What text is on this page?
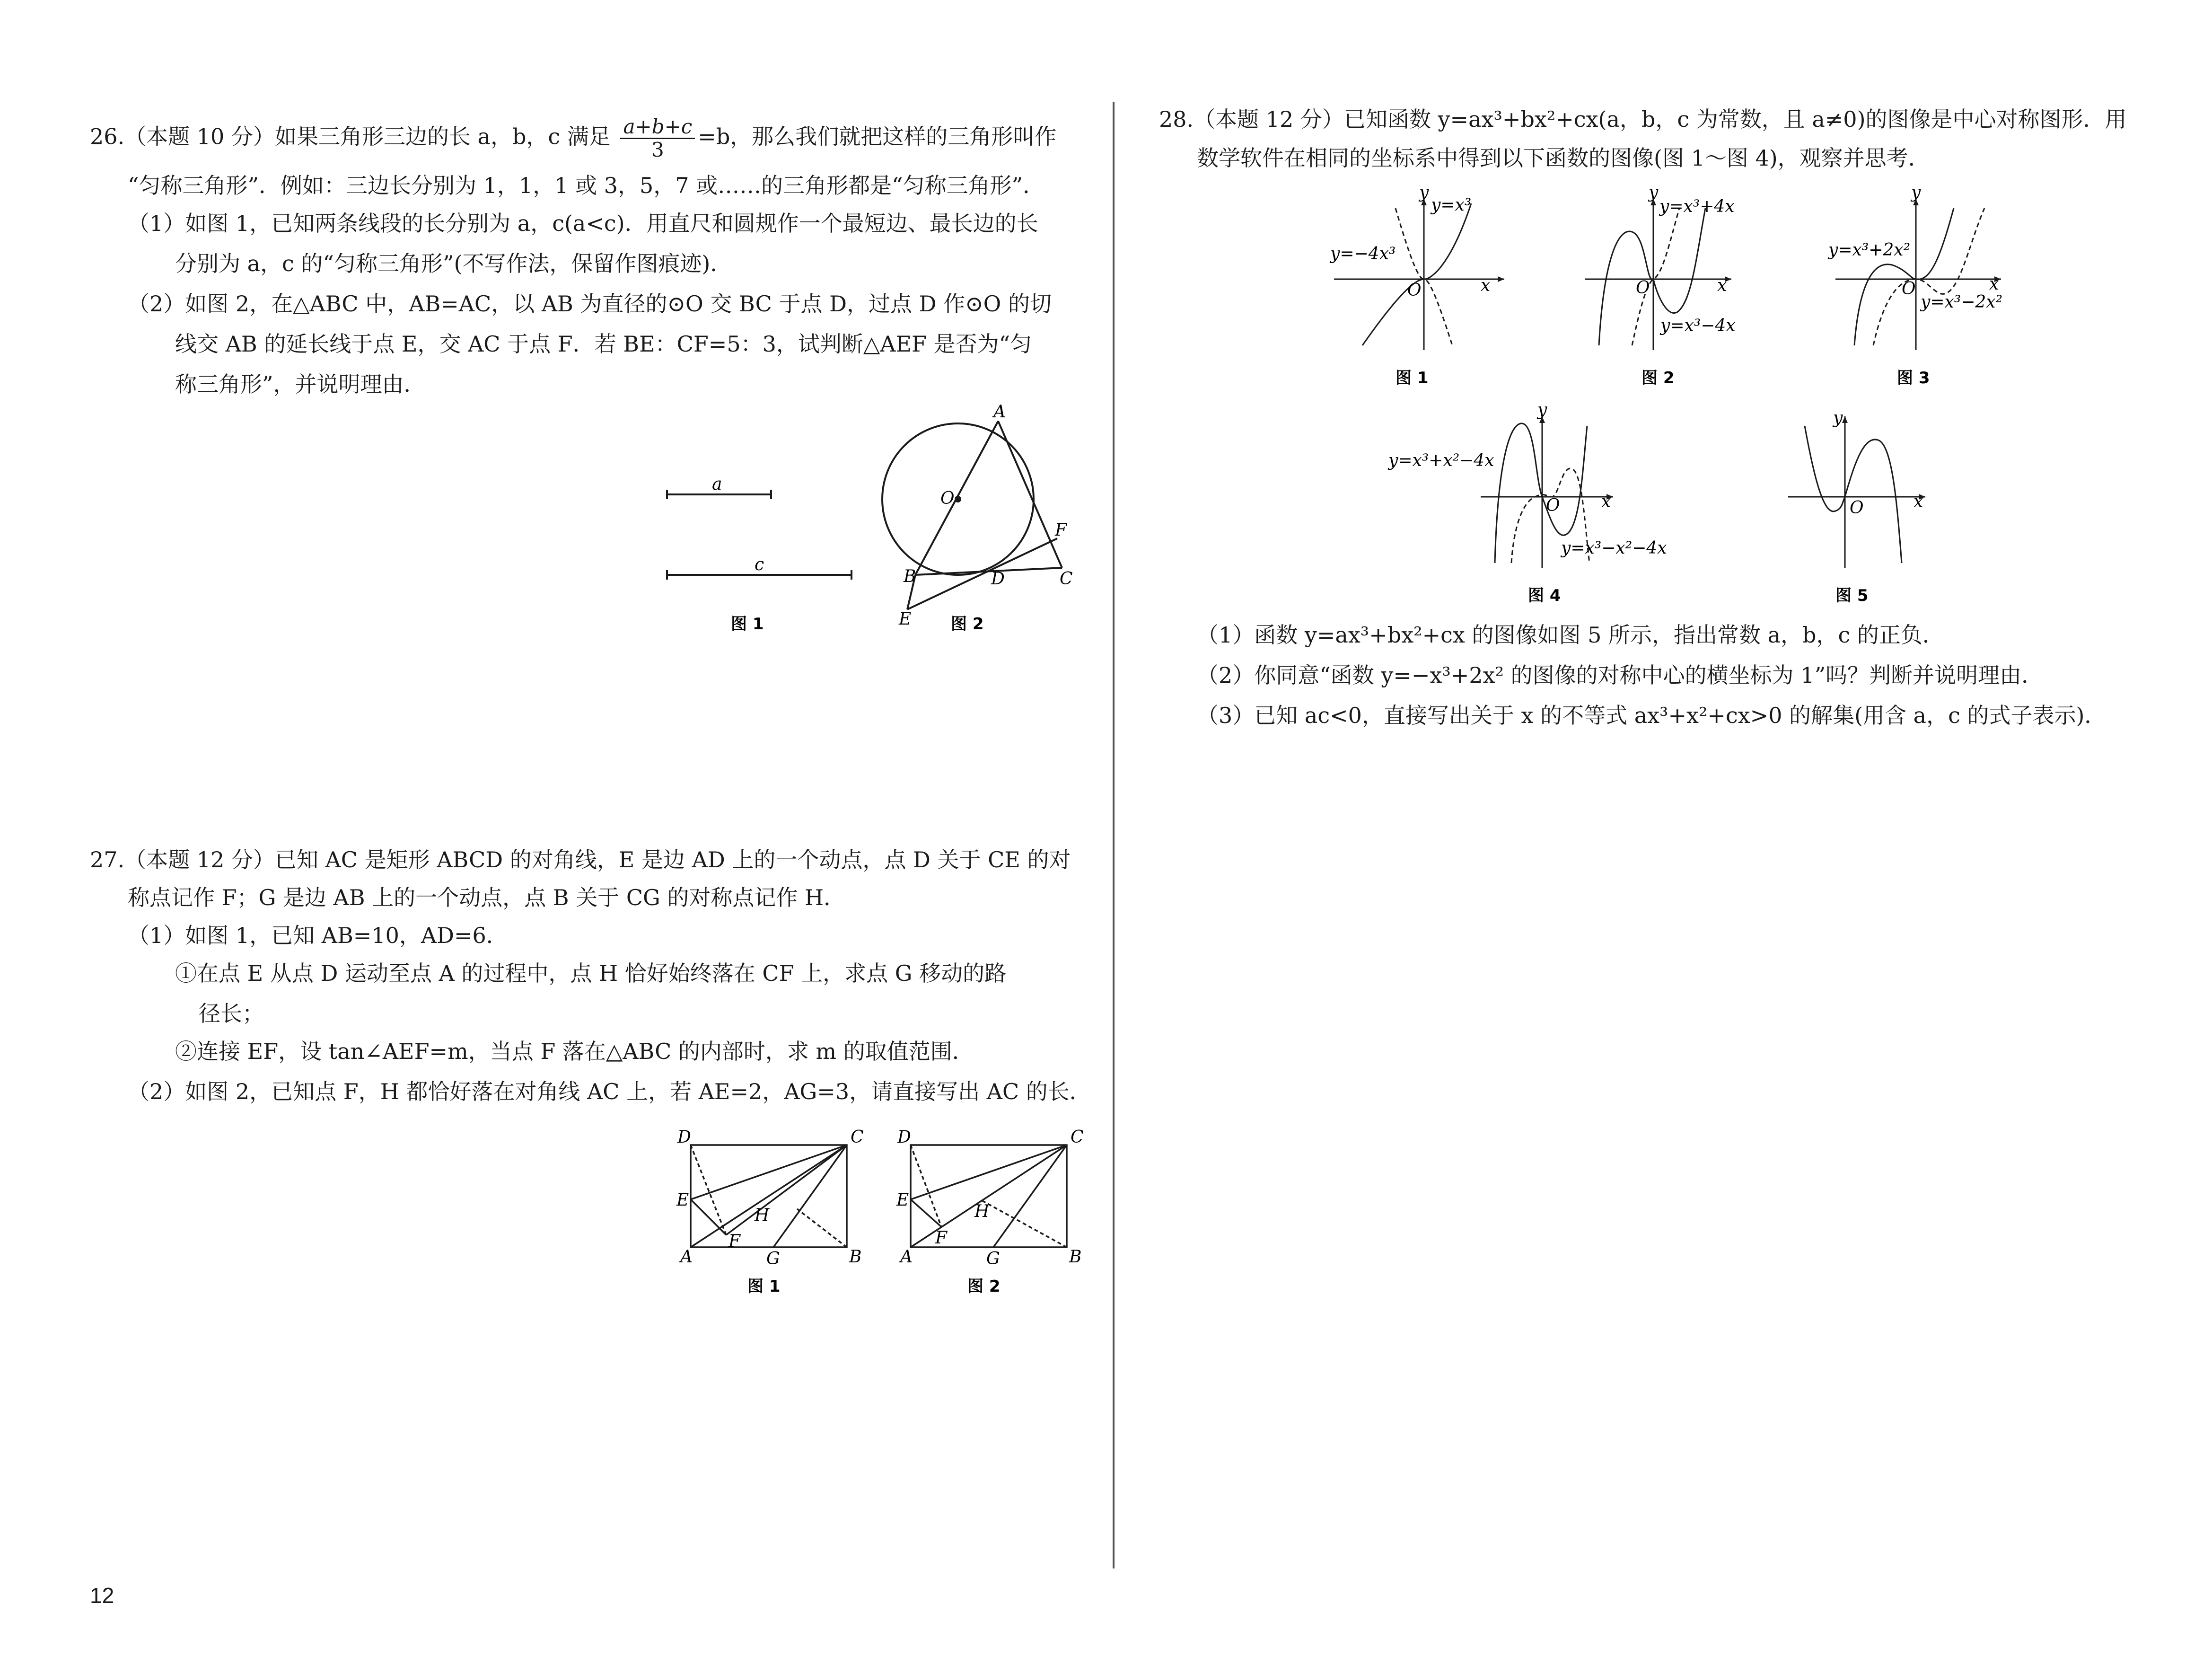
26.（本题 10 分）如果三角形三边的长 a，b，c 满足 $\frac{a+b+c}{3} =b$，那么我们就把这样的三角形叫作
“匀称三角形”．例如：三边长分别为 1，1，1 或 3，5，7 或……的三角形都是“匀称三角形”．
（1）如图 1，已知两条线段的长分别为 a，c(a<c)．用直尺和圆规作一个最短边、最长边的长
分别为 a，c 的“匀称三角形”(不写作法，保留作图痕迹)．
（2）如图 2，在△ABC 中，AB=AC，以 AB 为直径的⊙O 交 BC 于点 D，过点 D 作⊙O 的切
线交 AB 的延长线于点 E，交 AC 于点 F．若 BE：CF=5：3，试判断△AEF 是否为“匀
称三角形”，并说明理由．
a
c
图 1
A
O
B	D	C
F
E 图 2
27.（本题 12 分）已知 AC 是矩形 ABCD 的对角线，E 是边 AD 上的一个动点，点 D 关于 CE 的对
称点记作 F；G 是边 AB 上的一个动点，点 B 关于 CG 的对称点记作 H．
（1）如图 1，已知 AB=10，AD=6．
①在点 E 从点 D 运动至点 A 的过程中，点 H 恰好始终落在 CF 上，求点 G 移动的路
径长；
②连接 EF，设 tan∠AEF=m，当点 F 落在△ABC 的内部时，求 m 的取值范围．
（2）如图 2，已知点 F，H 都恰好落在对角线 AC 上，若 AE=2，AG=3，请直接写出 AC 的长．
D	C
E
H
F
A	G	B
图 1
D	C
E
H
F
A	G	B
图 2
28.（本题 12 分）已知函数 y=ax³+bx²+cx(a，b，c 为常数，且 a≠0)的图像是中心对称图形．用
数学软件在相同的坐标系中得到以下函数的图像(图 1～图 4)，观察并思考．
y
x
O
y=x³
y=−4x³
图 1
y
x
O
y=x³+4x
y=x³−4x
图 2
y
x
O
y=x³+2x²
y=x³−2x²
图 3
y
x
O
y=x³+x²−4x
y=x³−x²−4x
图 4
y
x
O
图 5
（1）函数 y=ax³+bx²+cx 的图像如图 5 所示，指出常数 a，b，c 的正负．
（2）你同意“函数 y=−x³+2x² 的图像的对称中心的横坐标为 1”吗？判断并说明理由．
（3）已知 ac<0，直接写出关于 x 的不等式 ax³+x²+cx>0 的解集(用含 a，c 的式子表示)．
12
